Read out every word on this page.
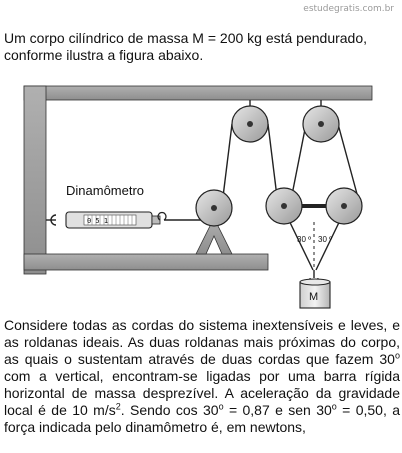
estudegratis.com.br
Um corpo cilíndrico de massa M = 200 kg está pendurado, conforme ilustra a figura abaixo.
0 5 1
Dinamômetro
30 º 30 º
M
Considere todas as cordas do sistema inextensíveis e leves, e as roldanas ideais. As duas roldanas mais próximas do corpo, as quais o sustentam através de duas cordas que fazem 30$^o$ com a vertical, encontram-se ligadas por uma barra rígida horizontal de massa desprezível. A aceleração da gravidade local é de 10 $m/s^2$. Sendo $\cos 30^o = 0,87$ e sen $30^o = 0,50$, a força indicada pelo dinamômetro é, em newtons,
